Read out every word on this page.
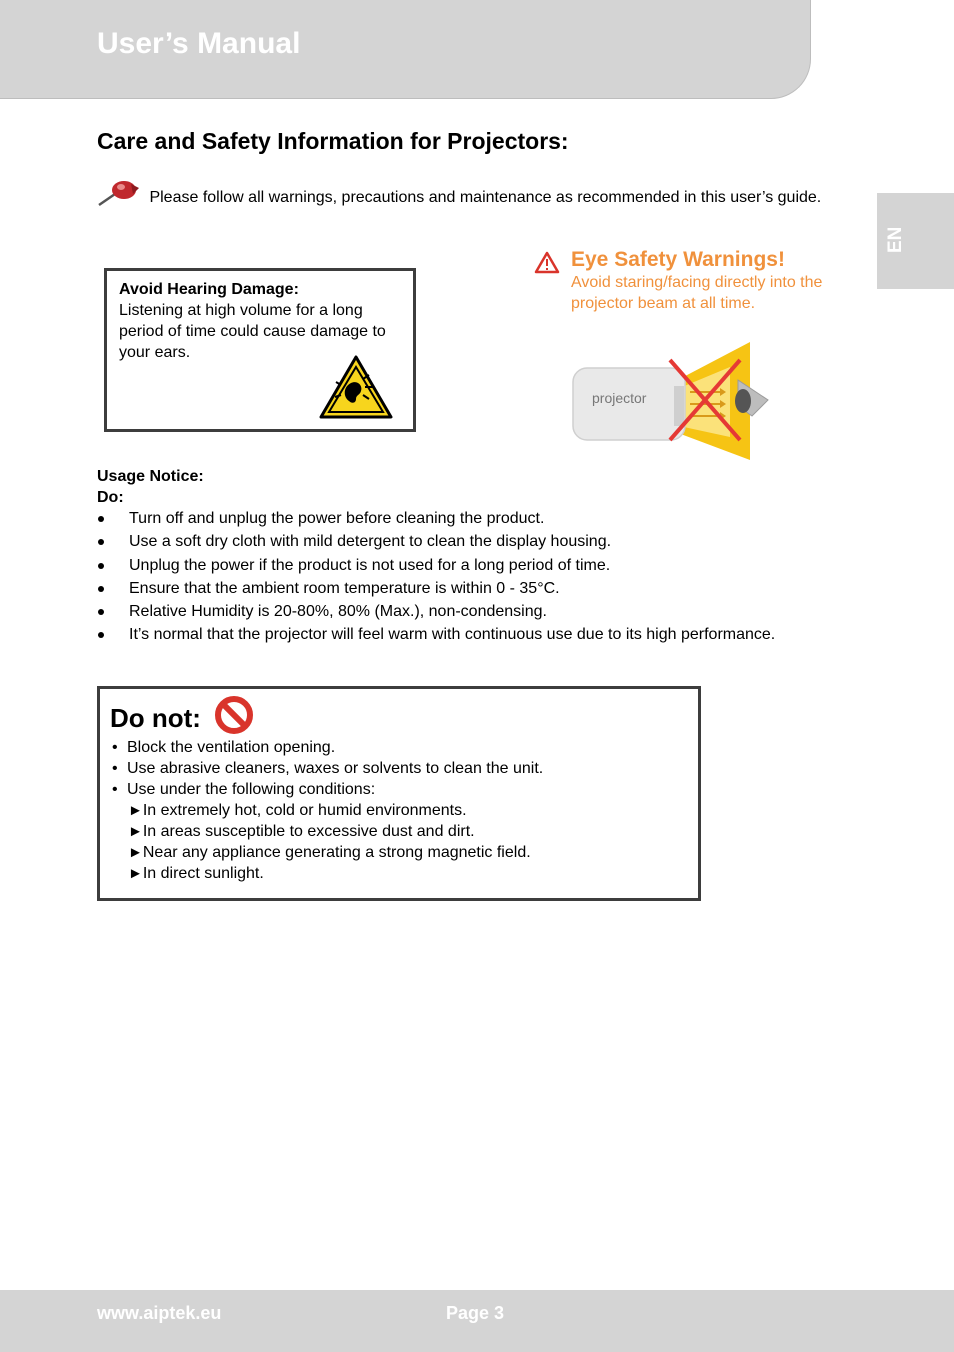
User’s Manual
EN
Care and Safety Information for Projectors:
Please follow all warnings, precautions and maintenance as recommended in this user’s guide.
Avoid Hearing Damage:
Listening at high volume for a long period of time could cause damage to your ears.
Eye Safety Warnings!
Avoid staring/facing directly into the projector beam at all time.
projector
Usage Notice:
Do:
Turn off and unplug the power before cleaning the product.
Use a soft dry cloth with mild detergent to clean the display housing.
Unplug the power if the product is not used for a long period of time.
Ensure that the ambient room temperature is within 0 - 35°C.
Relative Humidity is 20-80%, 80% (Max.), non-condensing.
It’s normal that the projector will feel warm with continuous use due to its high performance.
Do not:
• Block the ventilation opening.
• Use abrasive cleaners, waxes or solvents to clean the unit.
• Use under the following conditions:
►In extremely hot, cold or humid environments.
►In areas susceptible to excessive dust and dirt.
►Near any appliance generating a strong magnetic field.
►In direct sunlight.
www.aiptek.eu	Page 3
